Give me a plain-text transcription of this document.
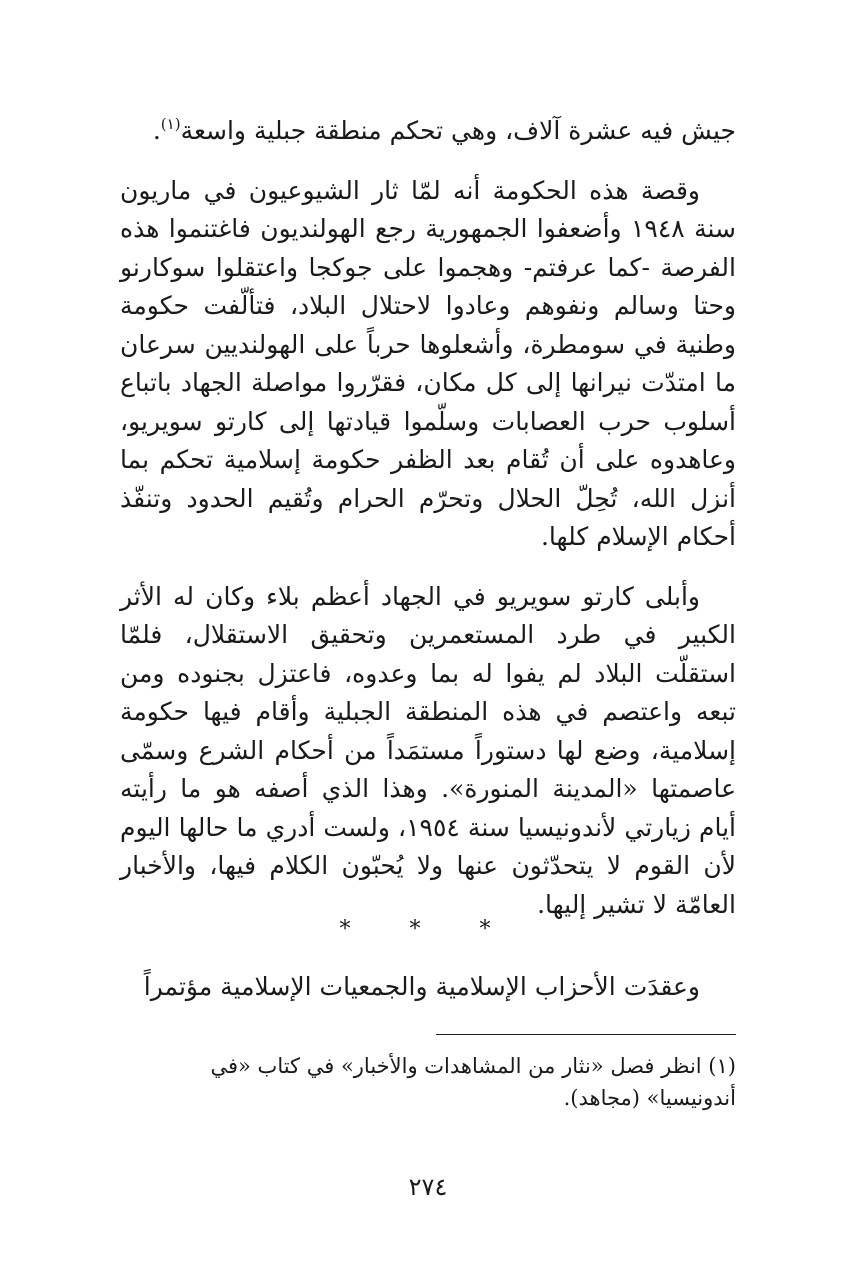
جيش فيه عشرة آلاف، وهي تحكم منطقة جبلية واسعة$^{(١)}$.

وقصة هذه الحكومة أنه لمّا ثار الشيوعيون في ماريون سنة ١٩٤٨ وأضعفوا الجمهورية رجع الهولنديون فاغتنموا هذه الفرصة -كما عرفتم- وهجموا على جوكجا واعتقلوا سوكارنو وحتا وسالم ونفوهم وعادوا لاحتلال البلاد، فتألّفت حكومة وطنية في سومطرة، وأشعلوها حرباً على الهولنديين سرعان ما امتدّت نيرانها إلى كل مكان، فقرّروا مواصلة الجهاد باتباع أسلوب حرب العصابات وسلّموا قيادتها إلى كارتو سويريو، وعاهدوه على أن تُقام بعد الظفر حكومة إسلامية تحكم بما أنزل الله، تُحِلّ الحلال وتحرّم الحرام وتُقيم الحدود وتنفّذ أحكام الإسلام كلها.

وأبلى كارتو سويريو في الجهاد أعظم بلاء وكان له الأثر الكبير في طرد المستعمرين وتحقيق الاستقلال، فلمّا استقلّت البلاد لم يفوا له بما وعدوه، فاعتزل بجنوده ومن تبعه واعتصم في هذه المنطقة الجبلية وأقام فيها حكومة إسلامية، وضع لها دستوراً مستمَداً من أحكام الشرع وسمّى عاصمتها «المدينة المنورة». وهذا الذي أصفه هو ما رأيته أيام زيارتي لأندونيسيا سنة ١٩٥٤، ولست أدري ما حالها اليوم لأن القوم لا يتحدّثون عنها ولا يُحبّون الكلام فيها، والأخبار العامّة لا تشير إليها.

* * *
وعقدَت الأحزاب الإسلامية والجمعيات الإسلامية مؤتمراً
(١) انظر فصل «نثار من المشاهدات والأخبار» في كتاب «في أندونيسيا» (مجاهد).
٢٧٤
